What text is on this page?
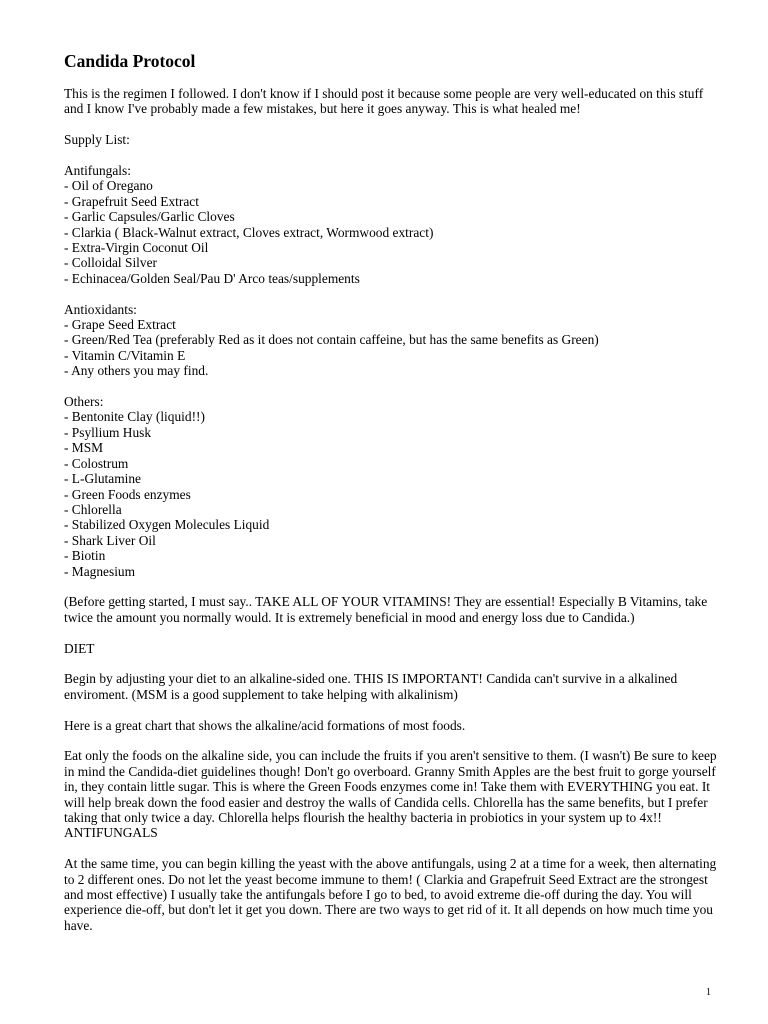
Candida Protocol

This is the regimen I followed. I don't know if I should post it because some people are very well-educated on this stuff and I know I've probably made a few mistakes, but here it goes anyway. This is what healed me!

Supply List:

Antifungals:
- Oil of Oregano
- Grapefruit Seed Extract
- Garlic Capsules/Garlic Cloves
- Clarkia ( Black-Walnut extract, Cloves extract, Wormwood extract)
- Extra-Virgin Coconut Oil
- Colloidal Silver
- Echinacea/Golden Seal/Pau D' Arco teas/supplements
Antioxidants:
- Grape Seed Extract
- Green/Red Tea (preferably Red as it does not contain caffeine, but has the same benefits as Green)
- Vitamin C/Vitamin E
- Any others you may find.
Others:
- Bentonite Clay (liquid!!)
- Psyllium Husk
- MSM
- Colostrum
- L-Glutamine
- Green Foods enzymes
- Chlorella
- Stabilized Oxygen Molecules Liquid
- Shark Liver Oil
- Biotin
- Magnesium

(Before getting started, I must say.. TAKE ALL OF YOUR VITAMINS! They are essential! Especially B Vitamins, take twice the amount you normally would. It is extremely beneficial in mood and energy loss due to Candida.)

DIET

Begin by adjusting your diet to an alkaline-sided one. THIS IS IMPORTANT! Candida can't survive in a alkalined enviroment. (MSM is a good supplement to take helping with alkalinism)

Here is a great chart that shows the alkaline/acid formations of most foods.

Eat only the foods on the alkaline side, you can include the fruits if you aren't sensitive to them. (I wasn't) Be sure to keep in mind the Candida-diet guidelines though! Don't go overboard. Granny Smith Apples are the best fruit to gorge yourself in, they contain little sugar. This is where the Green Foods enzymes come in! Take them with EVERYTHING you eat. It will help break down the food easier and destroy the walls of Candida cells. Chlorella has the same benefits, but I prefer taking that only twice a day. Chlorella helps flourish the healthy bacteria in probiotics in your system up to 4x!!

ANTIFUNGALS

At the same time, you can begin killing the yeast with the above antifungals, using 2 at a time for a week, then alternating to 2 different ones. Do not let the yeast become immune to them! ( Clarkia and Grapefruit Seed Extract are the strongest and most effective) I usually take the antifungals before I go to bed, to avoid extreme die-off during the day. You will experience die-off, but don't let it get you down. There are two ways to get rid of it. It all depends on how much time you have.

1
